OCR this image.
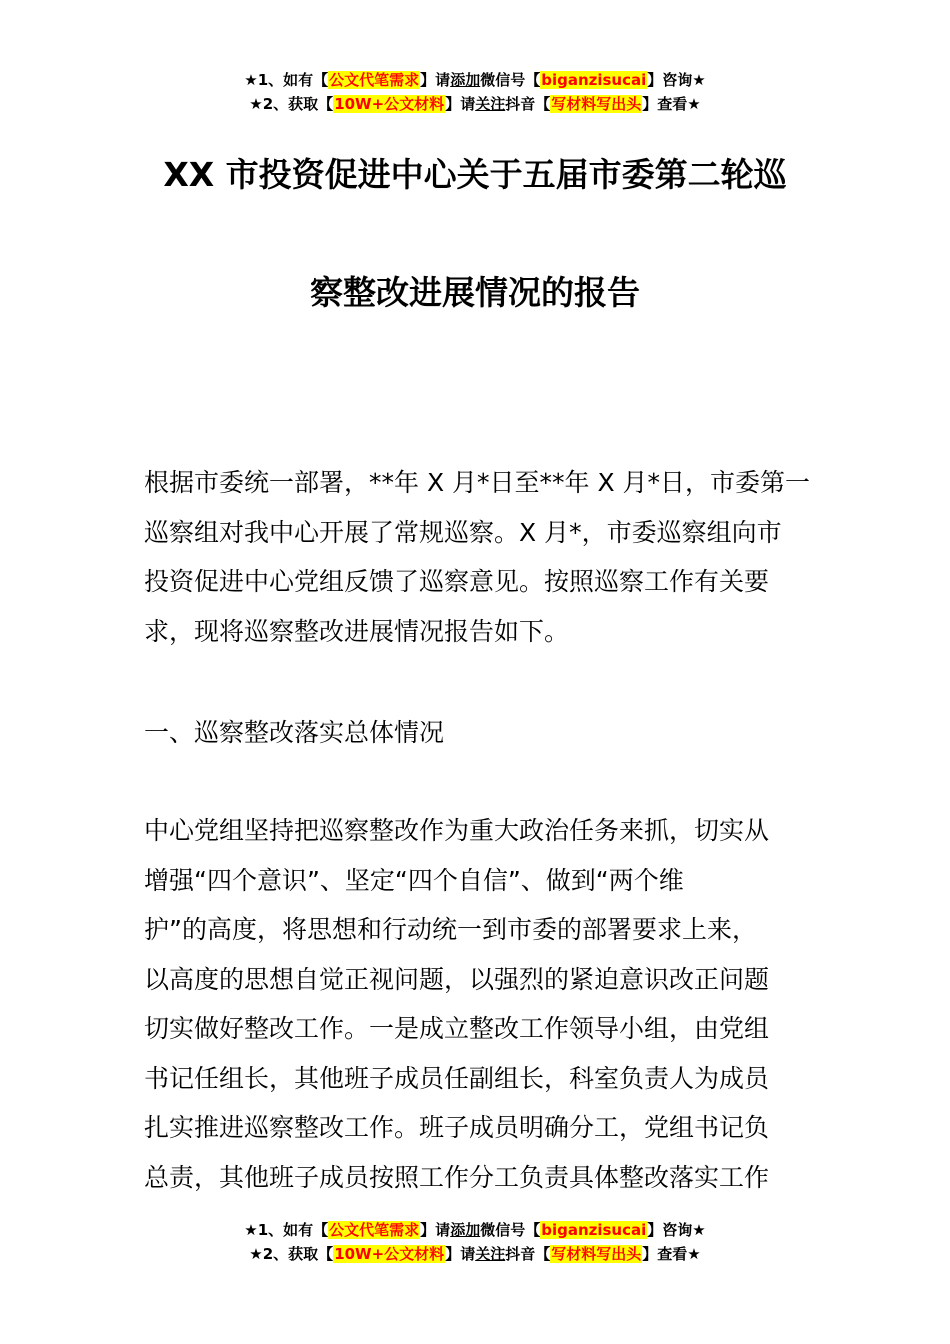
★1、如有【公文代笔需求】请添加微信号【biganzisucai】咨询★
★2、获取【10W+公文材料】请关注抖音【写材料写出头】查看★
XX 市投资促进中心关于五届市委第二轮巡
察整改进展情况的报告
根据市委统一部署，**年 X 月*日至**年 X 月*日，市委第一
巡察组对我中心开展了常规巡察。X 月*，市委巡察组向市
投资促进中心党组反馈了巡察意见。按照巡察工作有关要
求，现将巡察整改进展情况报告如下。
一、巡察整改落实总体情况
中心党组坚持把巡察整改作为重大政治任务来抓，切实从
增强“四个意识”、坚定“四个自信”、做到“两个维
护”的高度，将思想和行动统一到市委的部署要求上来，
以高度的思想自觉正视问题，以强烈的紧迫意识改正问题
切实做好整改工作。一是成立整改工作领导小组，由党组
书记任组长，其他班子成员任副组长，科室负责人为成员
扎实推进巡察整改工作。班子成员明确分工，党组书记负
总责，其他班子成员按照工作分工负责具体整改落实工作
★1、如有【公文代笔需求】请添加微信号【biganzisucai】咨询★
★2、获取【10W+公文材料】请关注抖音【写材料写出头】查看★
